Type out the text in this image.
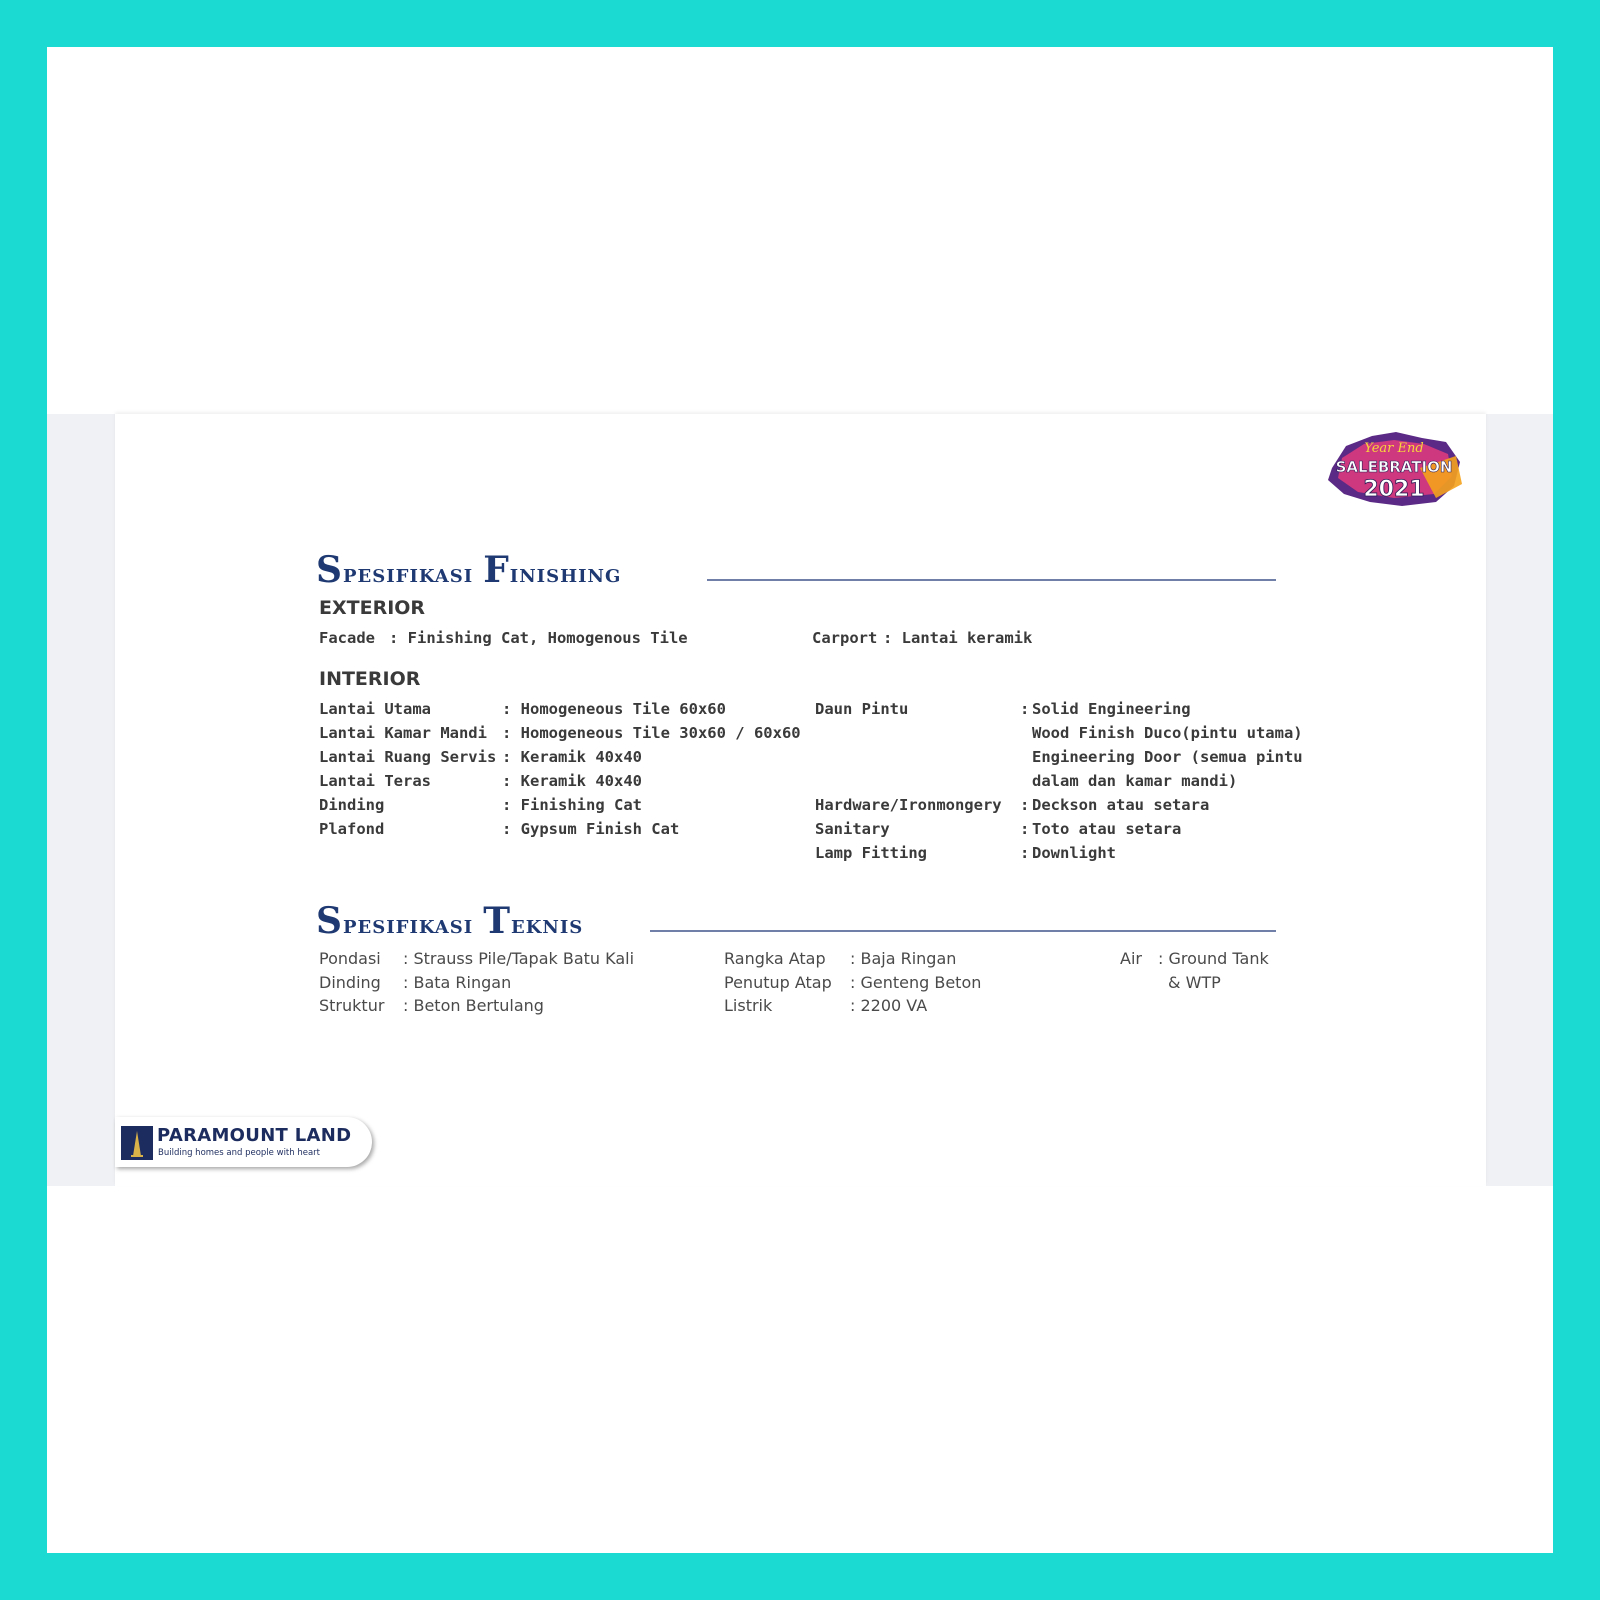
Year End
SALEBRATION
2021
Spesifikasi Finishing
EXTERIOR
Facade : Finishing Cat, Homogenous Tile	Carport : Lantai keramik
INTERIOR
Lantai Utama	: Homogeneous Tile 60x60
Lantai Kamar Mandi : Homogeneous Tile 30x60 / 60x60
Lantai Ruang Servis : Keramik 40x40
Lantai Teras	: Keramik 40x40
Dinding	: Finishing Cat
Plafond	: Gypsum Finish Cat
Daun Pintu	: Solid Engineering
Wood Finish Duco(pintu utama)
Engineering Door (semua pintu
dalam dan kamar mandi)
Hardware/Ironmongery : Deckson atau setara
Sanitary	: Toto atau setara
Lamp Fitting	: Downlight
Spesifikasi Teknis
Pondasi : Strauss Pile/Tapak Batu Kali
Dinding : Bata Ringan
Struktur : Beton Bertulang
Rangka Atap : Baja Ringan
Penutup Atap : Genteng Beton
Listrik	: 2200 VA
Air : Ground Tank
& WTP
PARAMOUNT LAND
Building homes and people with heart
